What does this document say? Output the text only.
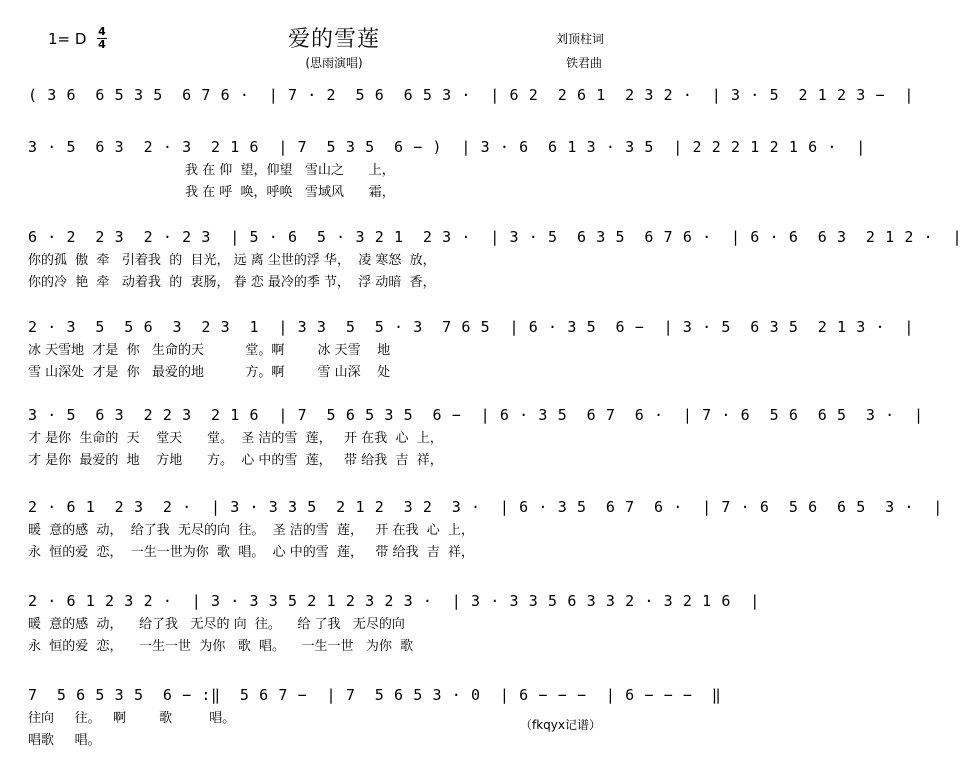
1= D 4
4	爱的雪莲
(思雨演唱)
刘顶柱词
铁君曲
( 3 6  6 5 3 5  6 7 6 ·  | 7 · 2  5 6  6 5 3 ·  | 6 2  2 6 1  2 3 2 ·  | 3 · 5  2 1 2 3 −  |
3 · 5  6 3  2 · 3  2 1 6  | 7  5 3 5  6 − )  | 3 · 6  6 1 3 · 3 5  | 2 2 2 1 2 1 6 ·  |
我 在 仰  望，仰望   雪山之      上，
我 在 呼  唤，呼唤   雪域风      霜，
6 · 2  2 3  2 · 2 3  | 5 · 6  5 · 3 2 1  2 3 ·  | 3 · 5  6 3 5  6 7 6 ·  | 6 · 6  6 3  2 1 2 ·  |
你的孤  傲  牵   引着我  的  目光， 远 离 尘世的浮 华，  凌 寒怒  放，
你的冷  艳  牵   动着我  的  衷肠， 眷 恋 最冷的季 节，  浮 动暗  香，
2 · 3  5  5 6  3  2 3  1  | 3 3  5  5 · 3  7 6 5  | 6 · 3 5  6 −  | 3 · 5  6 3 5  2 1 3 ·  |
冰 天雪地  才是  你   生命的天          堂。啊        冰 天雪    地
雪 山深处  才是  你   最爱的地          方。啊        雪 山深    处
3 · 5  6 3  2 2 3  2 1 6  | 7  5 6 5 3 5  6 −  | 6 · 3 5  6 7  6 ·  | 7 · 6  5 6  6 5  3 ·  |
才 是你  生命的  天    堂天      堂。  圣 洁的雪  莲，   开 在我  心  上，
才 是你  最爱的  地    方地      方。  心 中的雪  莲，   带 给我  吉  祥，
2 · 6 1  2 3  2 ·  | 3 · 3 3 5  2 1 2  3 2  3 ·  | 6 · 3 5  6 7  6 ·  | 7 · 6  5 6  6 5  3 ·  |
暖  意的感  动，  给了我  无尽的向  往。  圣 洁的雪  莲，   开 在我  心  上，
永  恒的爱  恋，  一生一世为你  歌  唱。  心 中的雪  莲，   带 给我  吉  祥，
2 · 6 1 2 3 2 ·  | 3 · 3 3 5 2 1 2 3 2 3 ·  | 3 · 3 3 5 6 3 3 2 · 3 2 1 6  |
暖  意的感  动，    给了我   无尽的 向  往。    给 了我   无尽的向
永  恒的爱  恋，    一生一世  为你   歌  唱。    一生一世   为你  歌
7  5 6 5 3 5  6 − :‖  5 6 7 −  | 7  5 6 5 3 · 0  | 6 − − −  | 6 − − −  ‖
往向     往。   啊        歌         唱。
唱歌     唱。
（fkqyx记谱）
